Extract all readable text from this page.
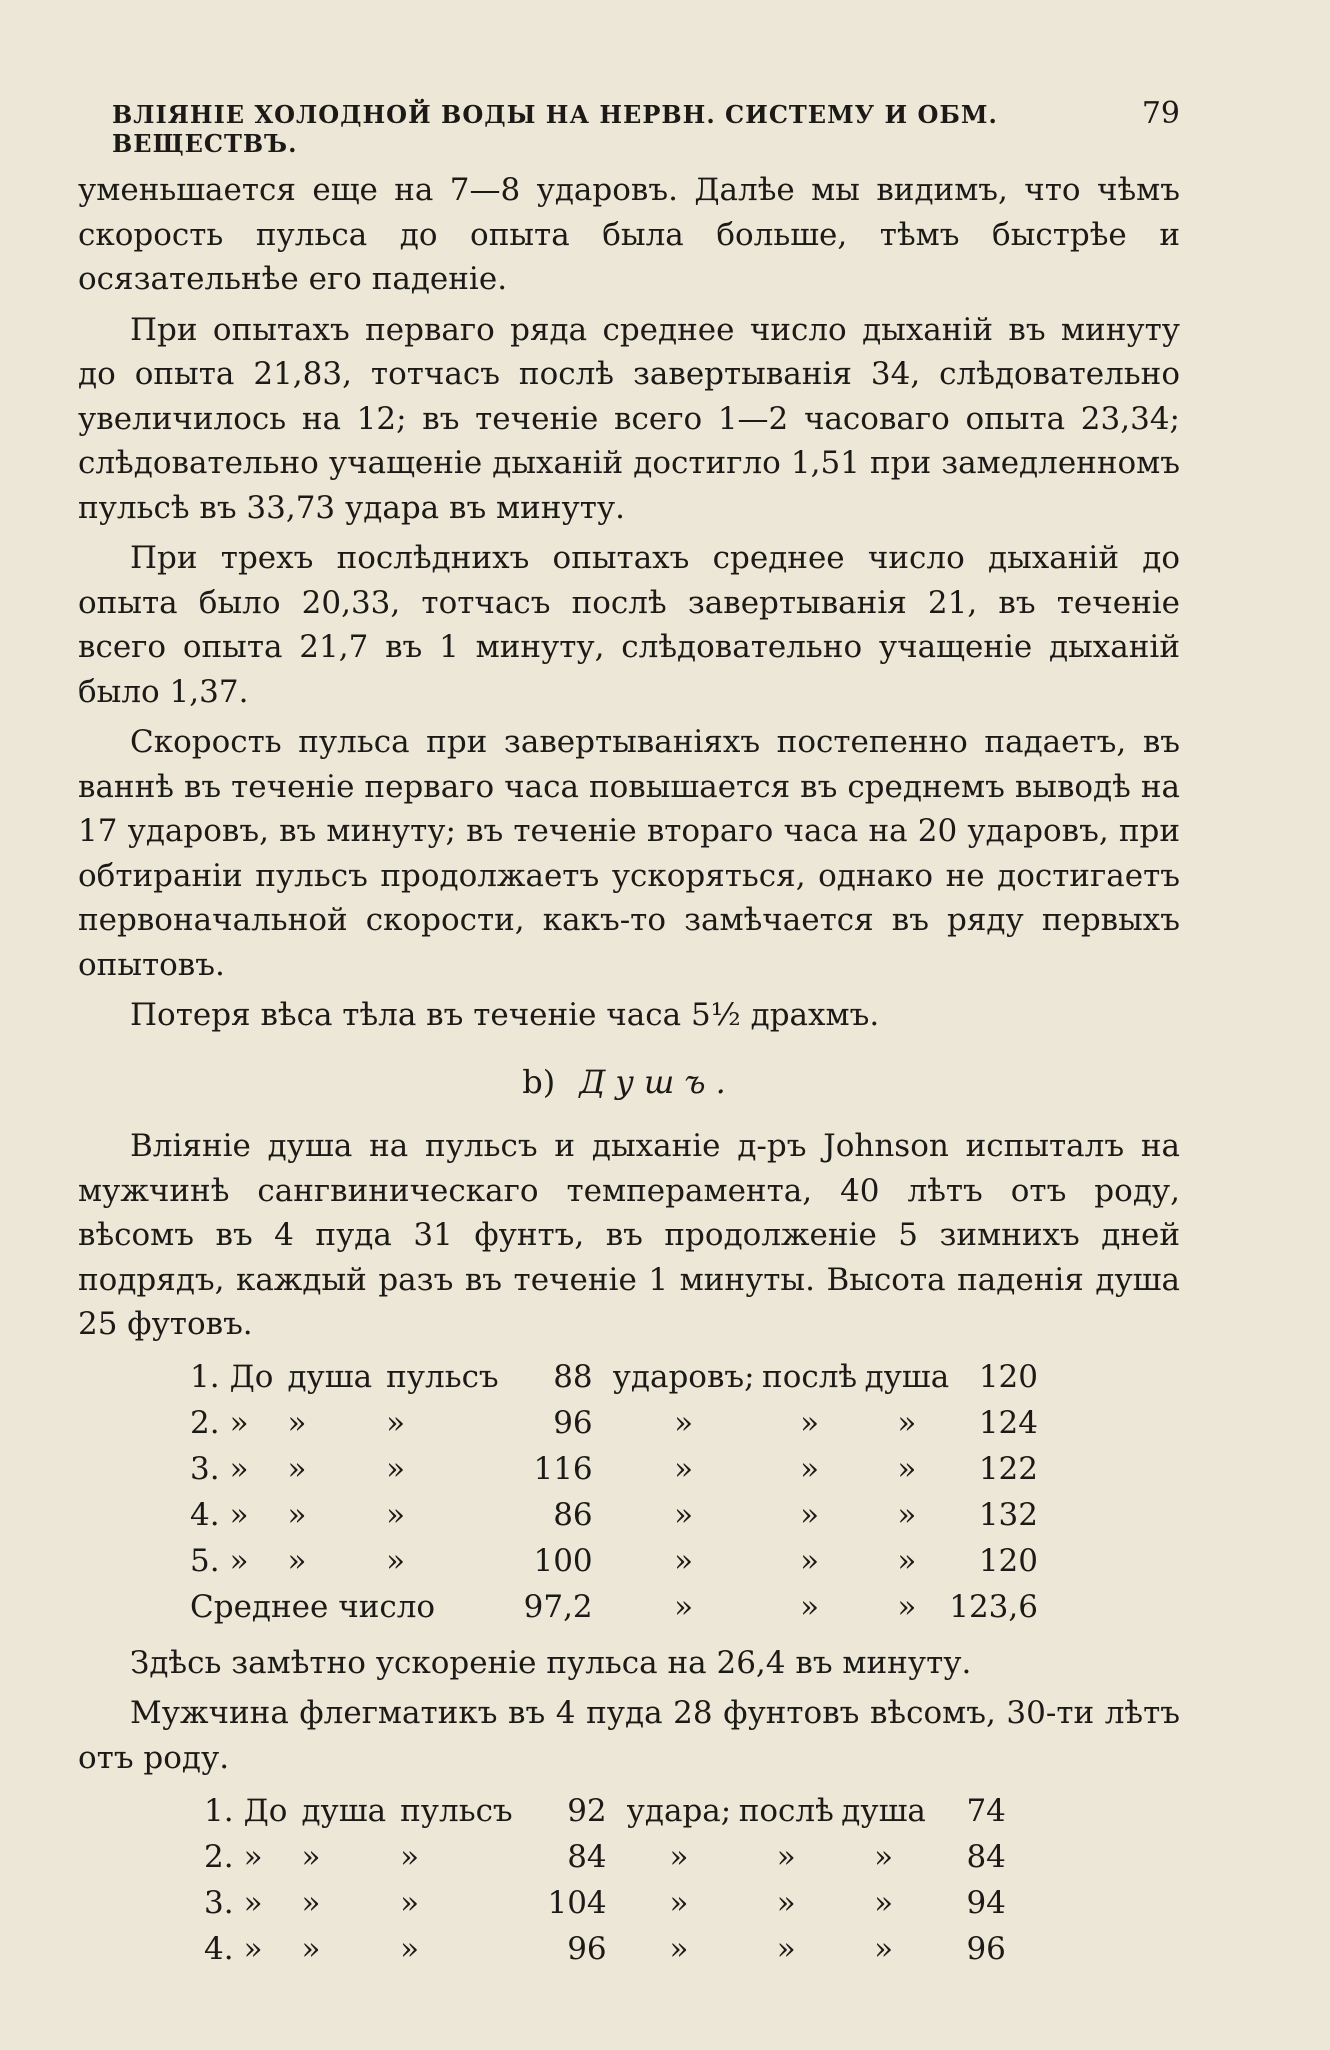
ВЛІЯНІЕ ХОЛОДНОЙ ВОДЫ НА НЕРВН. СИСТЕМУ И ОБМ. ВЕЩЕСТВЪ.
79

уменьшается еще на 7—8 ударовъ. Далѣе мы видимъ, что чѣмъ скорость пульса до опыта была больше, тѣмъ быстрѣе и осязательнѣе его паденіе.

При опытахъ перваго ряда среднее число дыханій въ минуту до опыта 21,83, тотчасъ послѣ завертыванія 34, слѣдовательно увеличилось на 12; въ теченіе всего 1—2 часоваго опыта 23,34; слѣдовательно учащеніе дыханій достигло 1,51 при замедленномъ пульсѣ въ 33,73 удара въ минуту.

При трехъ послѣднихъ опытахъ среднее число дыханій до опыта было 20,33, тотчасъ послѣ завертыванія 21, въ теченіе всего опыта 21,7 въ 1 минуту, слѣдовательно учащеніе дыханій было 1,37.

Скорость пульса при завертываніяхъ постепенно падаетъ, въ ваннѣ въ теченіе перваго часа повышается въ среднемъ выводѣ на 17 ударовъ, въ минуту; въ теченіе втораго часа на 20 ударовъ, при обтираніи пульсъ продолжаетъ ускоряться, однако не достигаетъ первоначальной скорости, какъ-то замѣчается въ ряду первыхъ опытовъ.

Потеря вѣса тѣла въ теченіе часа 5½ драхмъ.

b) Душъ.

Вліяніе душа на пульсъ и дыханіе д-ръ Johnson испыталъ на мужчинѣ сангвиническаго темперамента, 40 лѣтъ отъ роду, вѣсомъ въ 4 пуда 31 фунтъ, въ продолженіе 5 зимнихъ дней подрядъ, каждый разъ въ теченіе 1 минуты. Высота паденія душа 25 футовъ.

1.	До	душа	пульсъ	88	ударовъ;	послѣ	душа	120
2.	»	»	»	96	»	»	»	124
3.	»	»	»	116	»	»	»	122
4.	»	»	»	86	»	»	»	132
5.	»	»	»	100	»	»	»	120
Среднее число				97,2	»	»	»	123,6

Здѣсь замѣтно ускореніе пульса на 26,4 въ минуту.

Мужчина флегматикъ въ 4 пуда 28 фунтовъ вѣсомъ, 30-ти лѣтъ отъ роду.

1.	До	душа	пульсъ	92	удара;	послѣ	душа	74
2.	»	»	»	84	»	»	»	84
3.	»	»	»	104	»	»	»	94
4.	»	»	»	96	»	»	»	96
